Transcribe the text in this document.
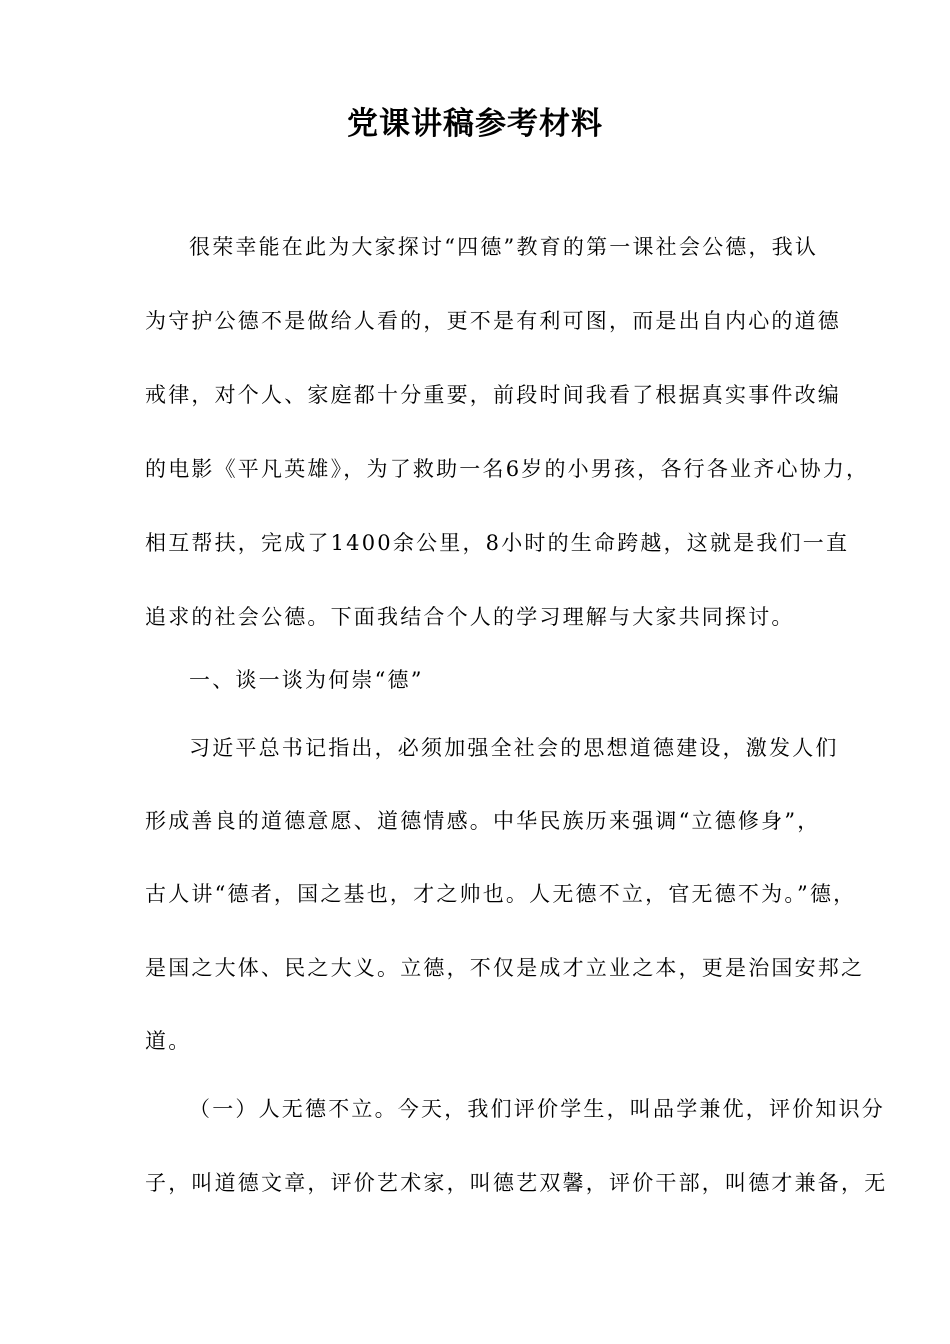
党课讲稿参考材料
很荣幸能在此为大家探讨“四德”教育的第一课社会公德，我认
为守护公德不是做给人看的，更不是有利可图，而是出自内心的道德
戒律，对个人、家庭都十分重要，前段时间我看了根据真实事件改编
的电影《平凡英雄》，为了救助一名6岁的小男孩，各行各业齐心协力，
相互帮扶，完成了1400余公里，8小时的生命跨越，这就是我们一直
追求的社会公德。下面我结合个人的学习理解与大家共同探讨。
一、谈一谈为何崇“德”
习近平总书记指出，必须加强全社会的思想道德建设，激发人们
形成善良的道德意愿、道德情感。中华民族历来强调“立德修身”，
古人讲“德者，国之基也，才之帅也。人无德不立，官无德不为。”德，
是国之大体、民之大义。立德，不仅是成才立业之本，更是治国安邦之
道。
（一）人无德不立。今天，我们评价学生，叫品学兼优，评价知识分
子，叫道德文章，评价艺术家，叫德艺双馨，评价干部，叫德才兼备，无
